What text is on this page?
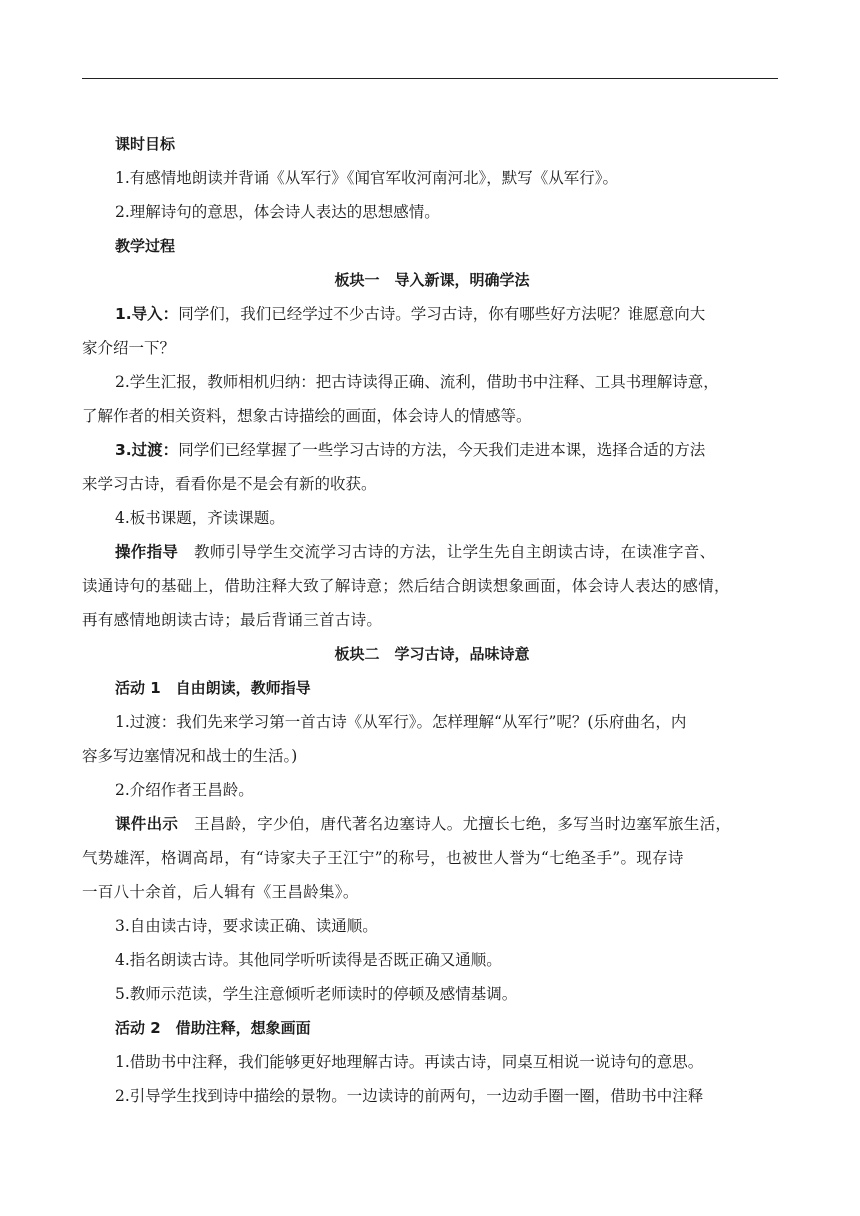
课时目标
1.有感情地朗读并背诵《从军行》《闻官军收河南河北》，默写《从军行》。
2.理解诗句的意思，体会诗人表达的思想感情。
教学过程
板块一　导入新课，明确学法
1.导入：同学们，我们已经学过不少古诗。学习古诗，你有哪些好方法呢？谁愿意向大
家介绍一下？
2.学生汇报，教师相机归纳：把古诗读得正确、流利，借助书中注释、工具书理解诗意，
了解作者的相关资料，想象古诗描绘的画面，体会诗人的情感等。
3.过渡：同学们已经掌握了一些学习古诗的方法，今天我们走进本课，选择合适的方法
来学习古诗，看看你是不是会有新的收获。
4.板书课题，齐读课题。
操作指导　教师引导学生交流学习古诗的方法，让学生先自主朗读古诗，在读准字音、
读通诗句的基础上，借助注释大致了解诗意；然后结合朗读想象画面，体会诗人表达的感情，
再有感情地朗读古诗；最后背诵三首古诗。
板块二　学习古诗，品味诗意
活动 1　自由朗读，教师指导
1.过渡：我们先来学习第一首古诗《从军行》。怎样理解“从军行”呢？(乐府曲名，内
容多写边塞情况和战士的生活。)
2.介绍作者王昌龄。
课件出示　王昌龄，字少伯，唐代著名边塞诗人。尤擅长七绝，多写当时边塞军旅生活，
气势雄浑，格调高昂，有“诗家夫子王江宁”的称号，也被世人誉为“七绝圣手”。现存诗
一百八十余首，后人辑有《王昌龄集》。
3.自由读古诗，要求读正确、读通顺。
4.指名朗读古诗。其他同学听听读得是否既正确又通顺。
5.教师示范读，学生注意倾听老师读时的停顿及感情基调。
活动 2　借助注释，想象画面
1.借助书中注释，我们能够更好地理解古诗。再读古诗，同桌互相说一说诗句的意思。
2.引导学生找到诗中描绘的景物。一边读诗的前两句，一边动手圈一圈，借助书中注释
